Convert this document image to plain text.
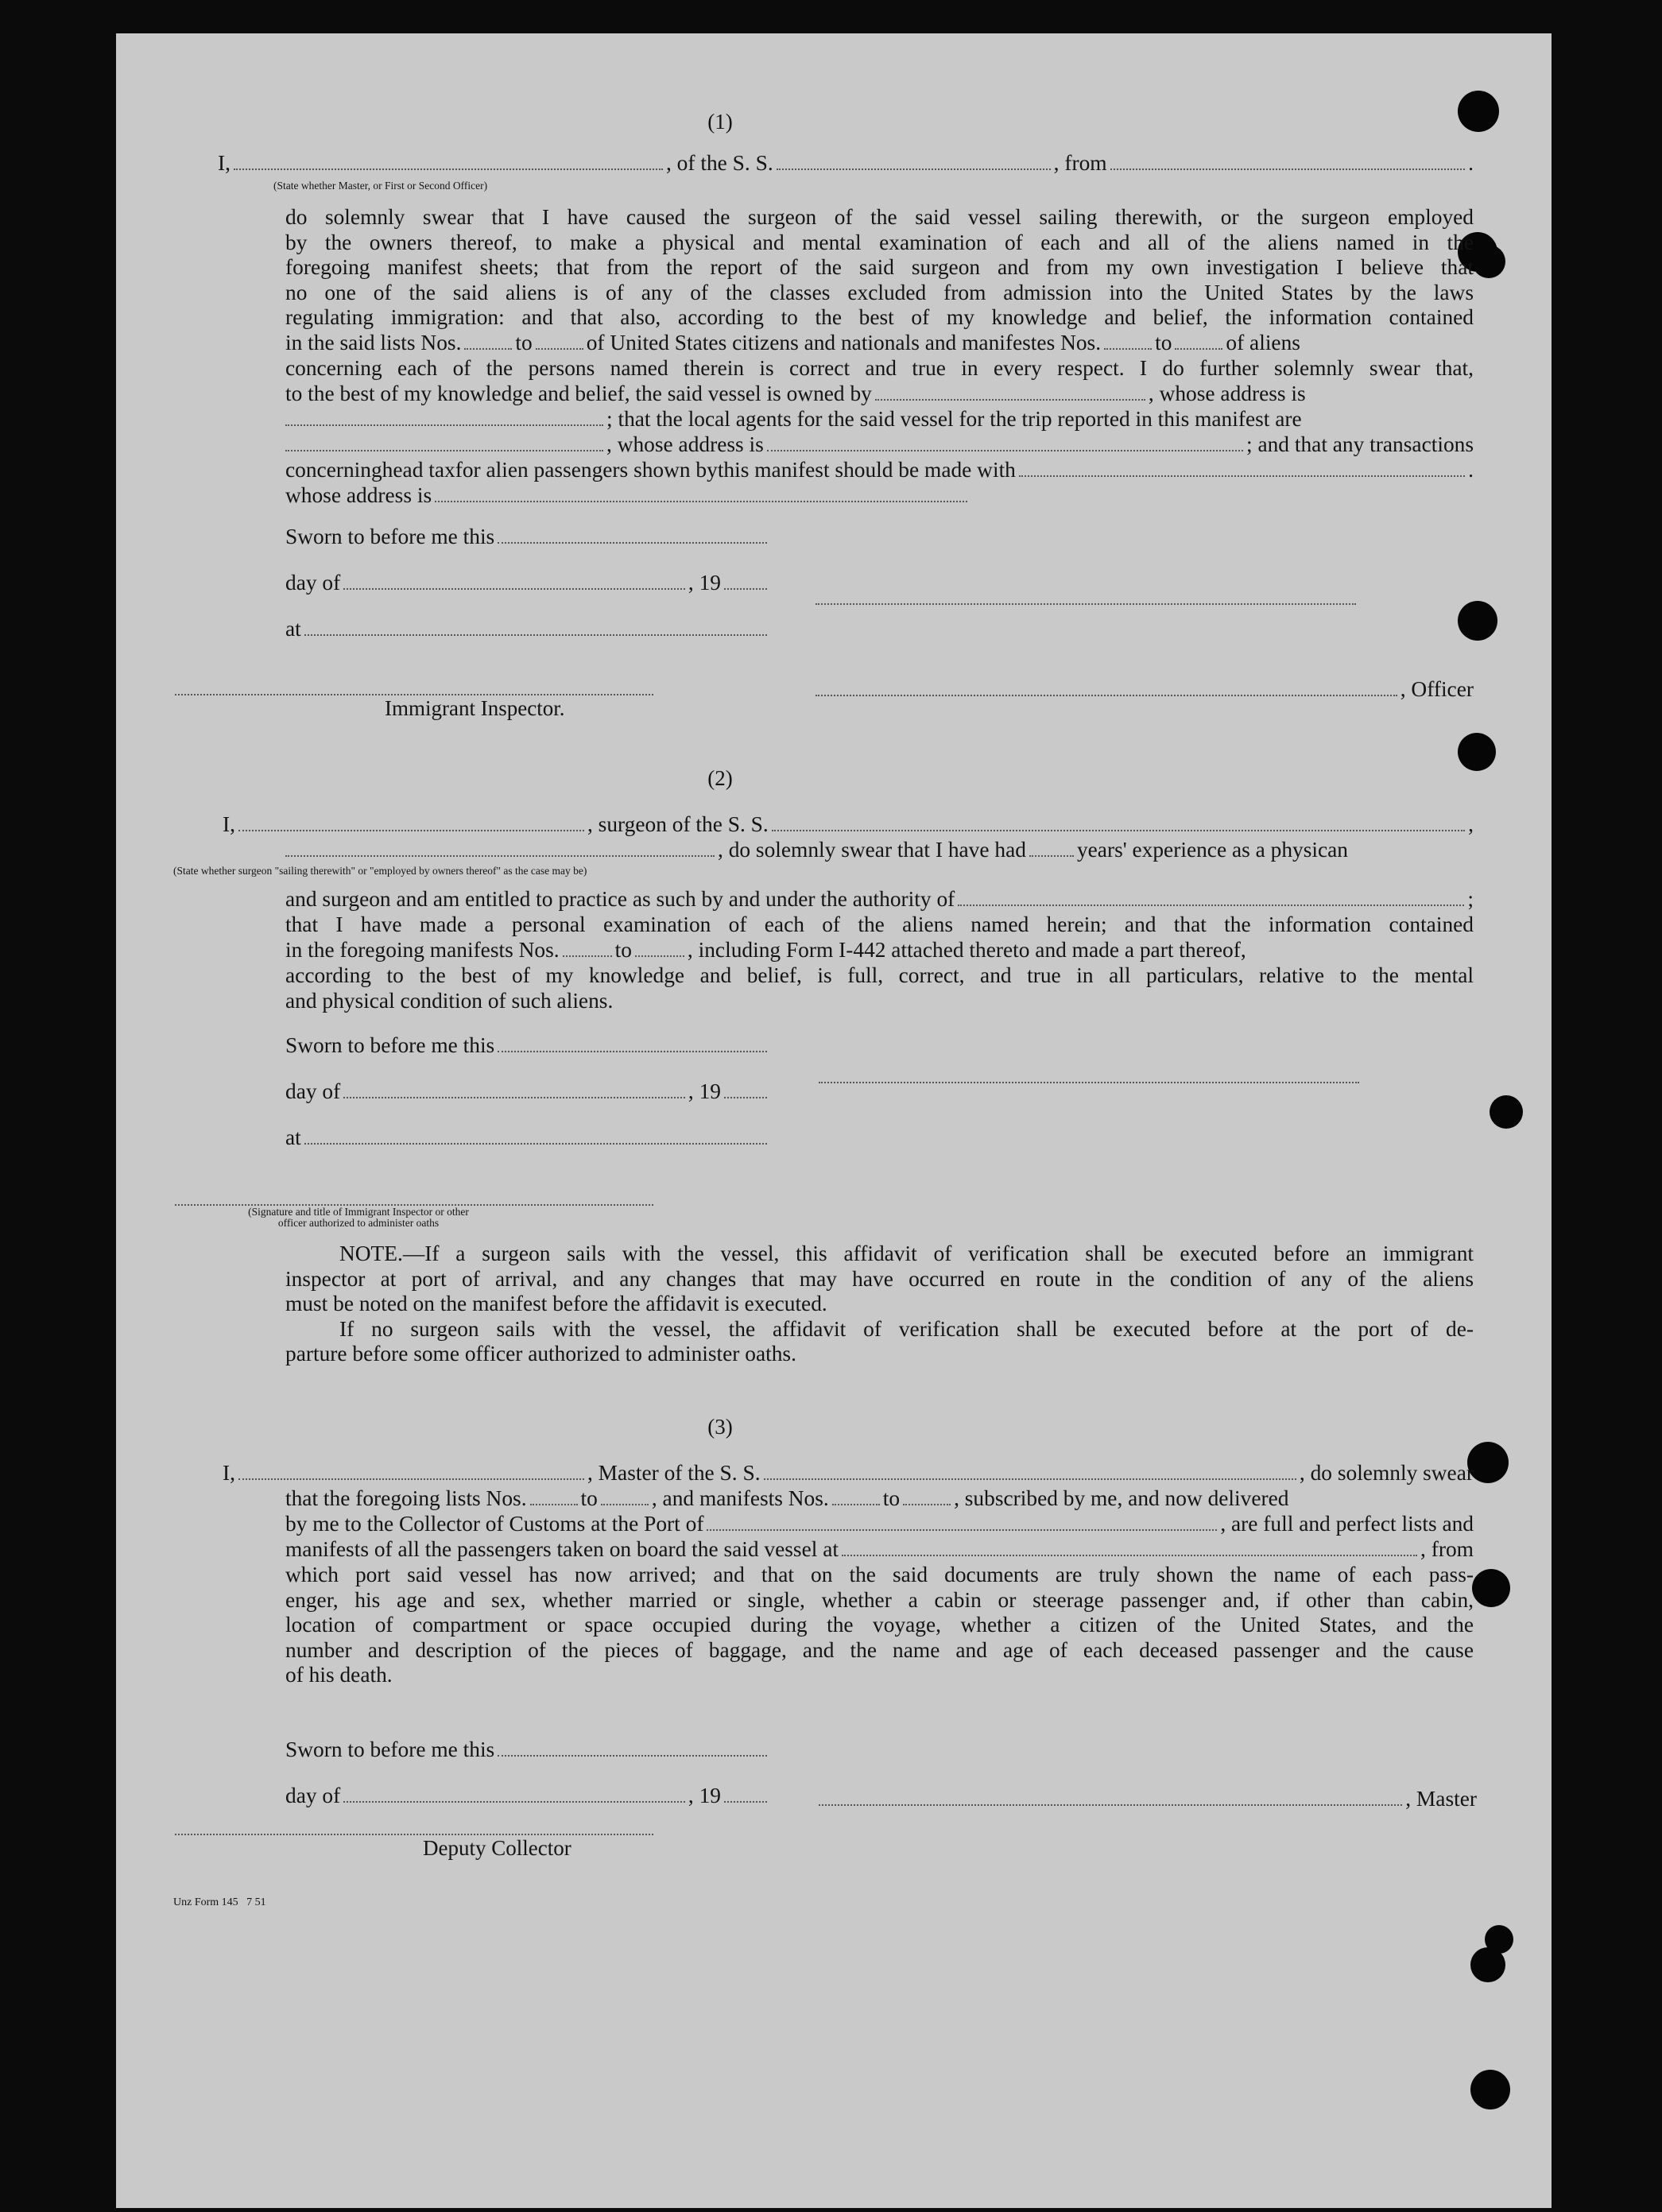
(1)
I,	, of the S. S.	, from	.
(State whether Master, or First or Second Officer)
do solemnly swear that I have caused the surgeon of the said vessel sailing therewith, or the surgeon employed
by the owners thereof, to make a physical and mental examination of each and all of the aliens named in the
foregoing manifest sheets; that from the report of the said surgeon and from my own investigation I believe that
no one of the said aliens is of any of the classes excluded from admission into the United States by the laws
regulating immigration: and that also, according to the best of my knowledge and belief, the information contained
in the said lists Nos. to of United States citizens and nationals and manifestes Nos. to of aliens
concerning each of the persons named therein is correct and true in every respect. I do further solemnly swear that,
to the best of my knowledge and belief, the said vessel is owned by	, whose address is
; that the local agents for the said vessel for the trip reported in this manifest are
, whose address is	; and that any transactions
concerninghead taxfor alien passengers shown bythis manifest should be made with	.
whose address is
Sworn to before me this
day of	, 19
at
, Officer
Immigrant Inspector.
(2)
I,	, surgeon of the S. S.	,
, do solemnly swear that I have had years' experience as a physican
(State whether surgeon "sailing therewith" or "employed by owners thereof" as the case may be)
and surgeon and am entitled to practice as such by and under the authority of	;
that I have made a personal examination of each of the aliens named herein; and that the information contained
in the foregoing manifests Nos.	to	, including Form I-442 attached thereto and made a part thereof,
according to the best of my knowledge and belief, is full, correct, and true in all particulars, relative to the mental
and physical condition of such aliens.
Sworn to before me this
day of	, 19
at
(Signature and title of Immigrant Inspector or other
officer authorized to administer oaths
NOTE.—If a surgeon sails with the vessel, this affidavit of verification shall be executed before an immigrant
inspector at port of arrival, and any changes that may have occurred en route in the condition of any of the aliens
must be noted on the manifest before the affidavit is executed.
If no surgeon sails with the vessel, the affidavit of verification shall be executed before at the port of de-
parture before some officer authorized to administer oaths.
(3)
I,	, Master of the S. S.	, do solemnly swear
that the foregoing lists Nos. to , and manifests Nos. to , subscribed by me, and now delivered
by me to the Collector of Customs at the Port of	, are full and perfect lists and
manifests of all the passengers taken on board the said vessel at	, from
which port said vessel has now arrived; and that on the said documents are truly shown the name of each pass-
enger, his age and sex, whether married or single, whether a cabin or steerage passenger and, if other than cabin,
location of compartment or space occupied during the voyage, whether a citizen of the United States, and the
number and description of the pieces of baggage, and the name and age of each deceased passenger and the cause
of his death.
Sworn to before me this
day of	, 19	, Master
Deputy Collector
Unz Form 145   7 51
